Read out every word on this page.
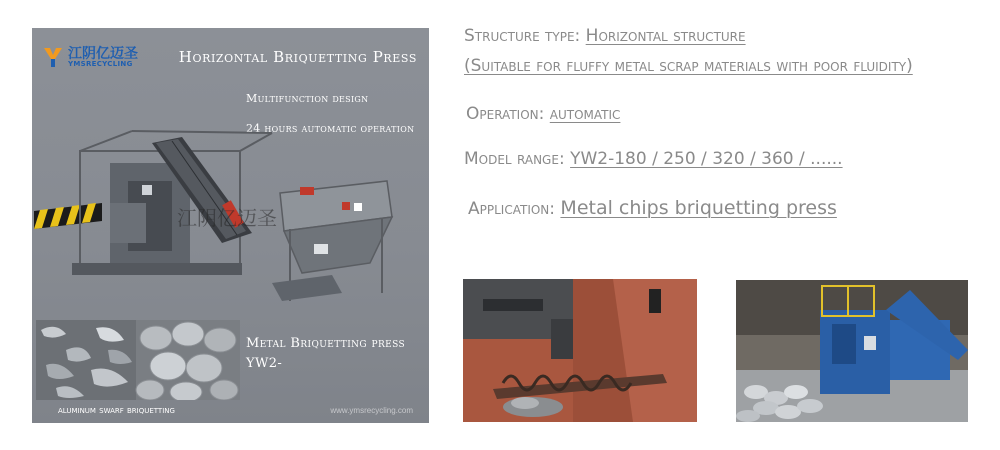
江阴亿迈圣
YMSRECYCLING	Horizontal Briquetting Press
Multifunction design
24 hours automatic operation
江阴亿迈圣
Metal Briquetting press
YW2-
aluminum swarf briquetting	www.ymsrecycling.com
Structure type: Horizontal structure
(Suitable for fluffy metal scrap materials with poor fluidity)
Operation: automatic
Model range: YW2-180 / 250 / 320 / 360 / ......
Application: Metal chips briquetting press
